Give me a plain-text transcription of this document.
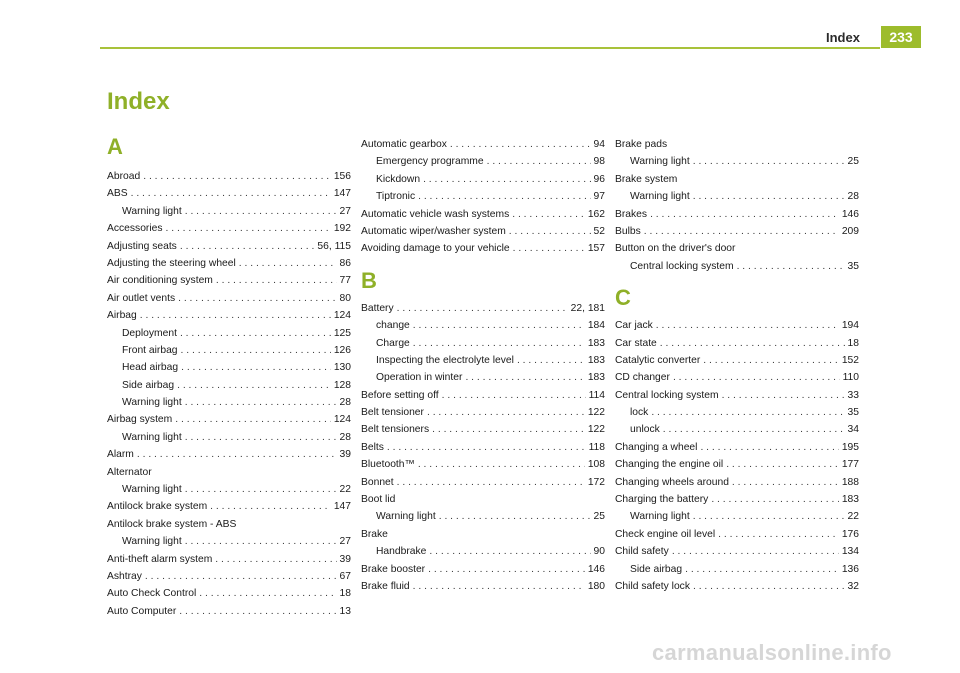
Index	233
Index
A
Abroad . . .	156
ABS . . .	147
Warning light . . .	27
Accessories . . .	192
Adjusting seats . . .	56, 115
Adjusting the steering wheel . . .	86
Air conditioning system . . .	77
Air outlet vents . . .	80
Airbag . . .	124
Deployment . . .	125
Front airbag . . .	126
Head airbag . . .	130
Side airbag . . .	128
Warning light . . .	28
Airbag system . . .	124
Warning light . . .	28
Alarm . . .	39
Alternator
Warning light . . .	22
Antilock brake system . . .	147
Antilock brake system - ABS
Warning light . . .	27
Anti-theft alarm system . . .	39
Ashtray . . .	67
Auto Check Control . . .	18
Auto Computer . . .	13
Automatic gearbox . . .	94
Emergency programme . . .	98
Kickdown . . .	96
Tiptronic . . .	97
Automatic vehicle wash systems . . .	162
Automatic wiper/washer system . . .	52
Avoiding damage to your vehicle . . .	157
B
Battery . . .	22, 181
change . . .	184
Charge . . .	183
Inspecting the electrolyte level . . .	183
Operation in winter . . .	183
Before setting off . . .	114
Belt tensioner . . .	122
Belt tensioners . . .	122
Belts . . .	118
Bluetooth™ . . .	108
Bonnet . . .	172
Boot lid
Warning light . . .	25
Brake
Handbrake . . .	90
Brake booster . . .	146
Brake fluid . . .	180
Brake pads
Warning light . . .	25
Brake system
Warning light . . .	28
Brakes . . .	146
Bulbs . . .	209
Button on the driver's door
Central locking system . . .	35
C
Car jack . . .	194
Car state . . .	18
Catalytic converter . . .	152
CD changer . . .	110
Central locking system . . .	33
lock . . .	35
unlock . . .	34
Changing a wheel . . .	195
Changing the engine oil . . .	177
Changing wheels around . . .	188
Charging the battery . . .	183
Warning light . . .	22
Check engine oil level . . .	176
Child safety . . .	134
Side airbag . . .	136
Child safety lock . . .	32
carmanualsonline.info
